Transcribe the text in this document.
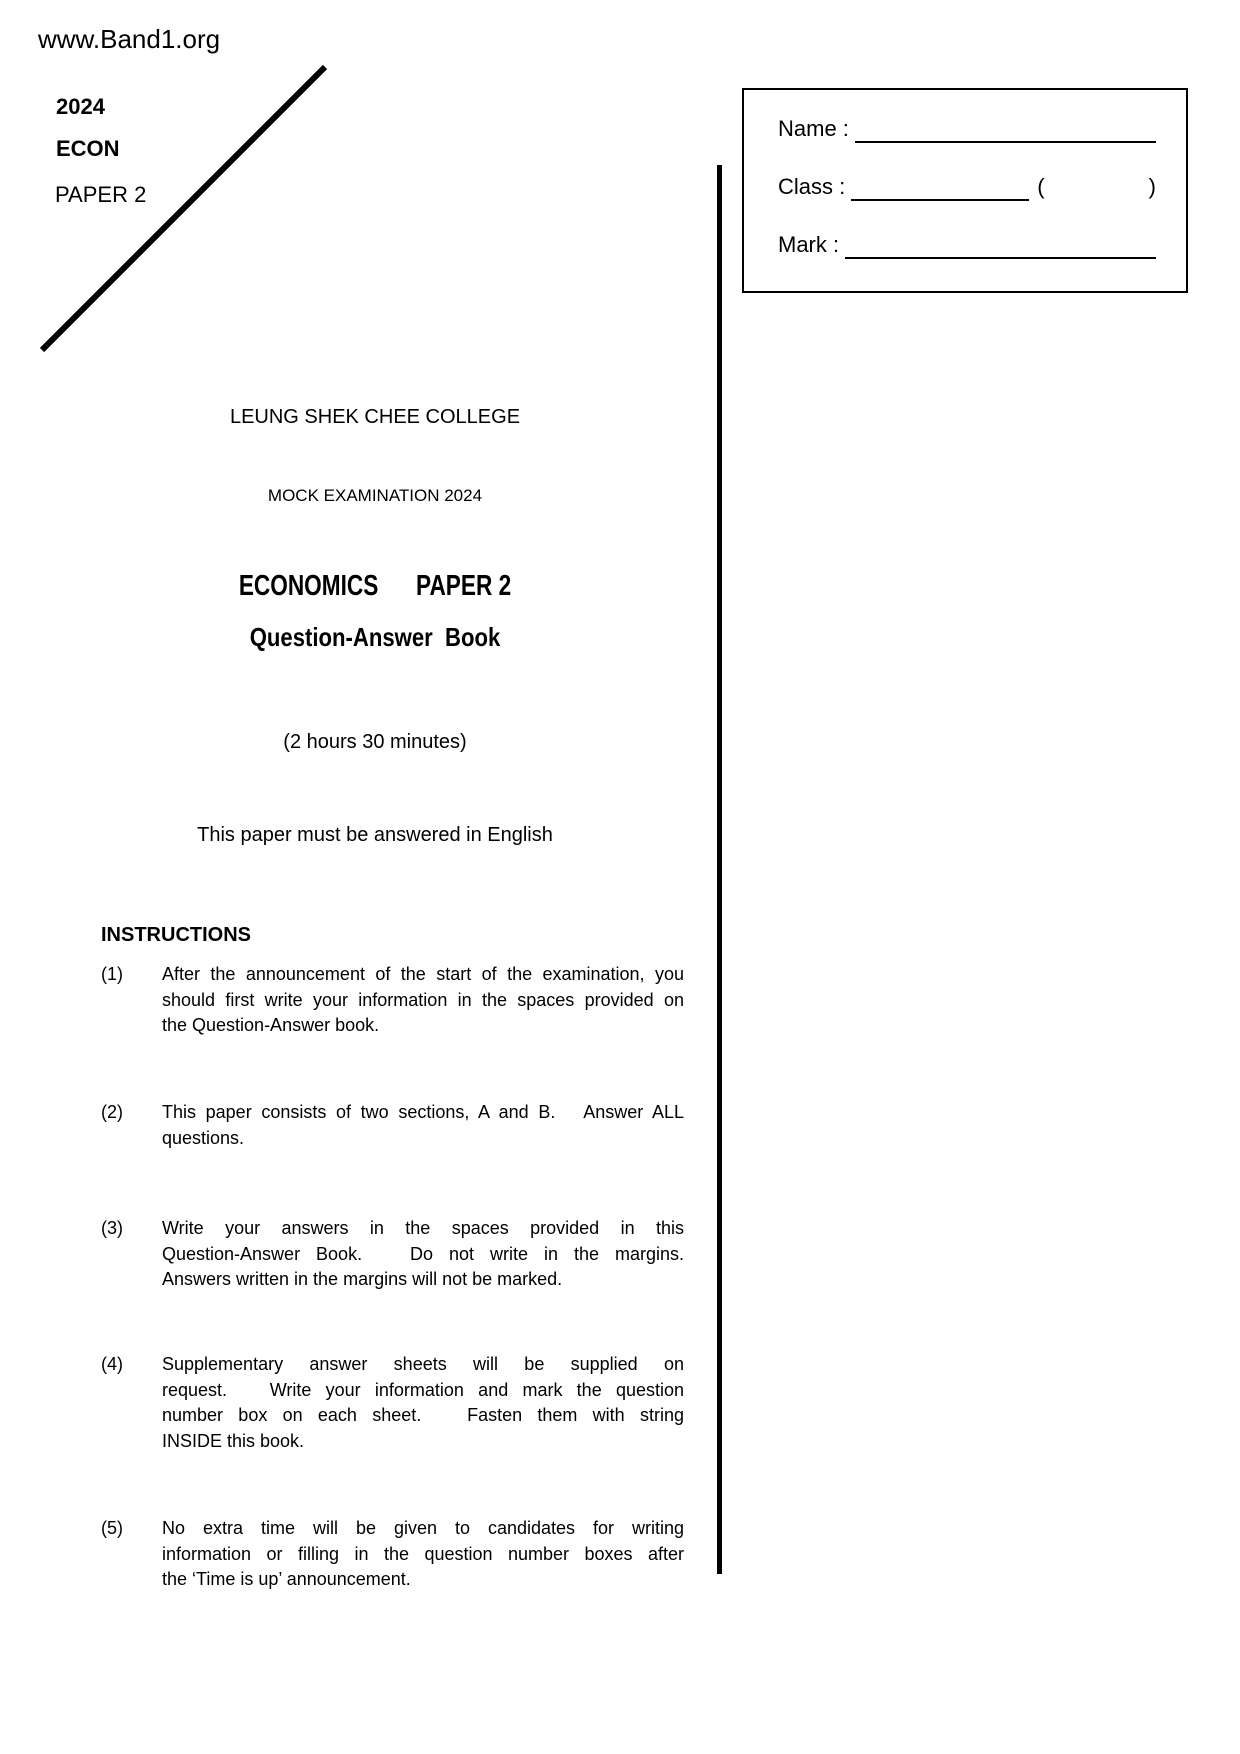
www.Band1.org
2024
ECON
PAPER 2
Name :
Class :	(	)
Mark :
LEUNG SHEK CHEE COLLEGE
MOCK EXAMINATION 2024
ECONOMICS      PAPER 2
Question-Answer  Book
(2 hours 30 minutes)
This paper must be answered in English
INSTRUCTIONS
(1)	After the announcement of the start of the examination, you
should first write your information in the spaces provided on
the Question-Answer book.
(2)	This paper consists of two sections, A and B.   Answer ALL
questions.
(3)	Write your answers in the spaces provided in this
Question-Answer Book.   Do not write in the margins.
Answers written in the margins will not be marked.
(4)	Supplementary answer sheets will be supplied on
request.   Write your information and mark the question
number box on each sheet.   Fasten them with string
INSIDE this book.
(5)	No extra time will be given to candidates for writing
information or filling in the question number boxes after
the ‘Time is up’ announcement.
